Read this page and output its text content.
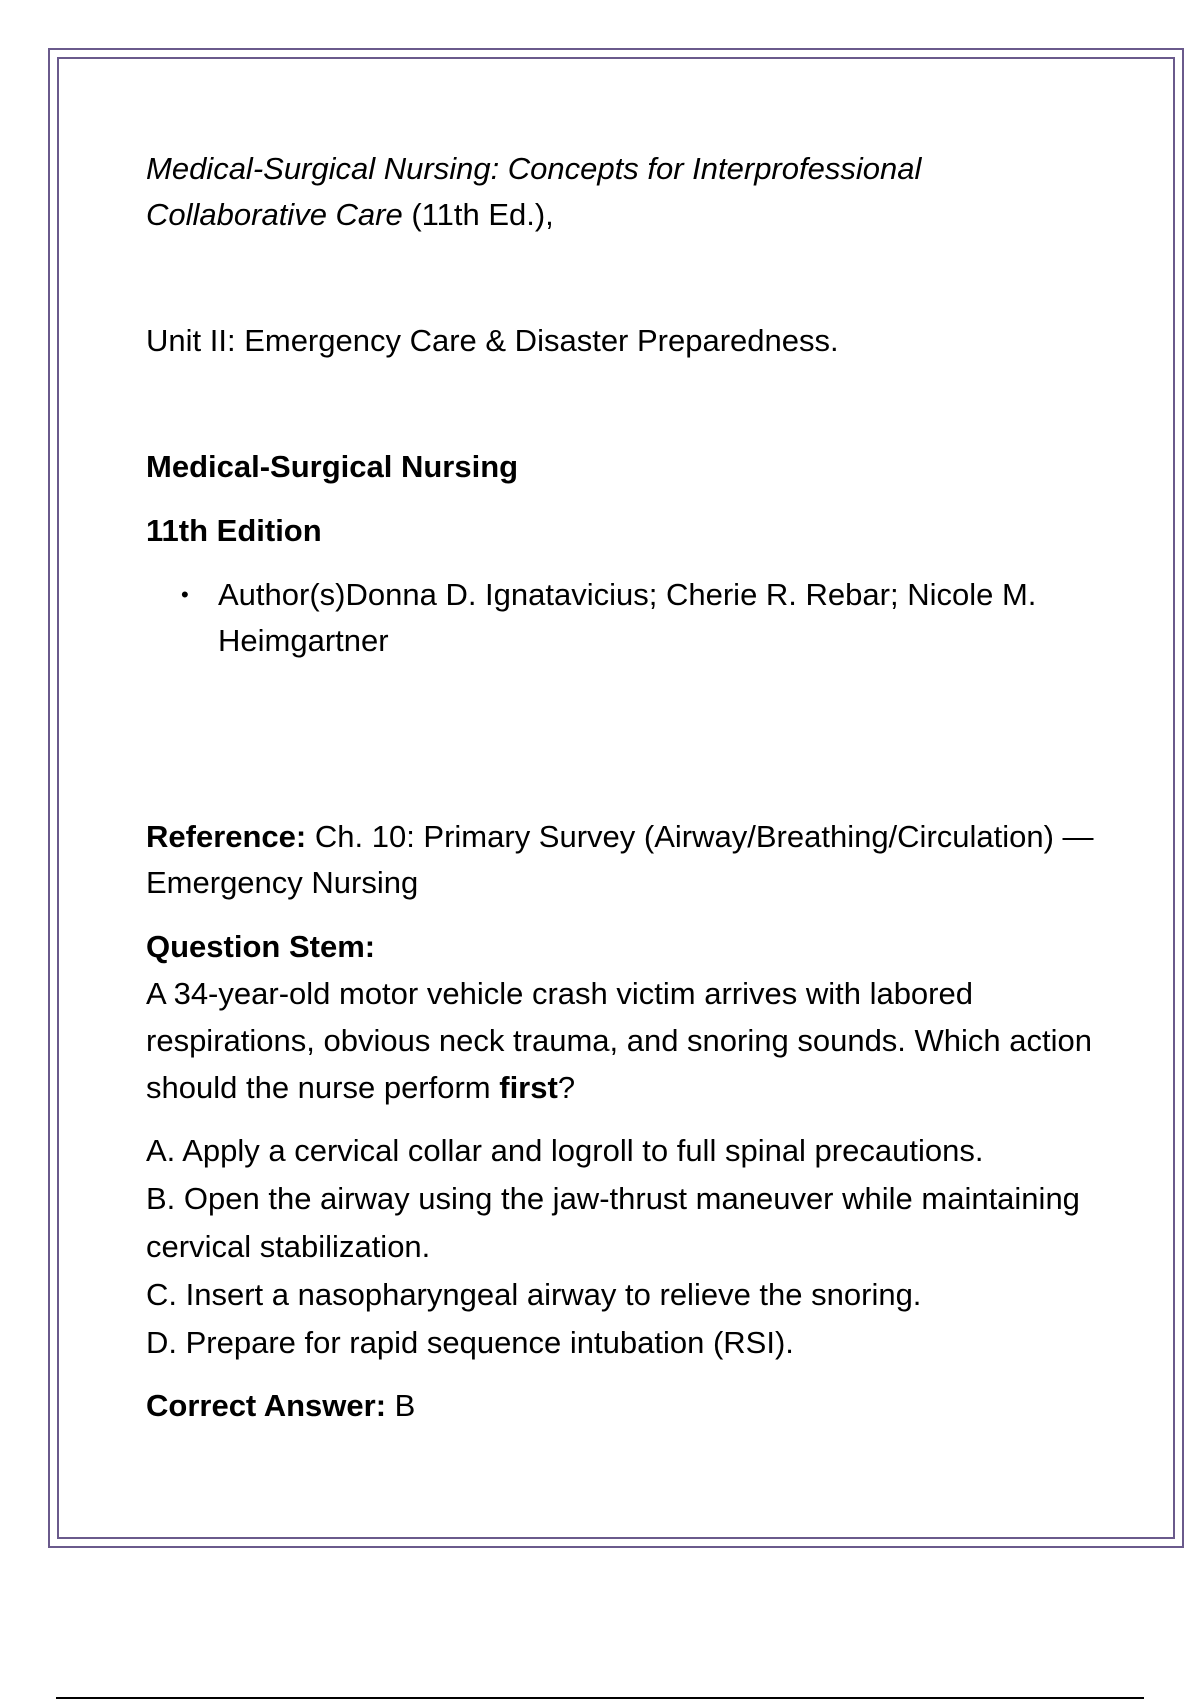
Medical-Surgical Nursing: Concepts for Interprofessional
Collaborative Care (11th Ed.),

Unit II: Emergency Care & Disaster Preparedness.

Medical-Surgical Nursing

11th Edition

• Author(s)Donna D. Ignatavicius; Cherie R. Rebar; Nicole M. Heimgartner

Reference: Ch. 10: Primary Survey (Airway/Breathing/Circulation) — Emergency Nursing

Question Stem:

A 34-year-old motor vehicle crash victim arrives with labored respirations, obvious neck trauma, and snoring sounds. Which action should the nurse perform first?

A. Apply a cervical collar and logroll to full spinal precautions.
B. Open the airway using the jaw-thrust maneuver while maintaining cervical stabilization.
C. Insert a nasopharyngeal airway to relieve the snoring.
D. Prepare for rapid sequence intubation (RSI).

Correct Answer: B
